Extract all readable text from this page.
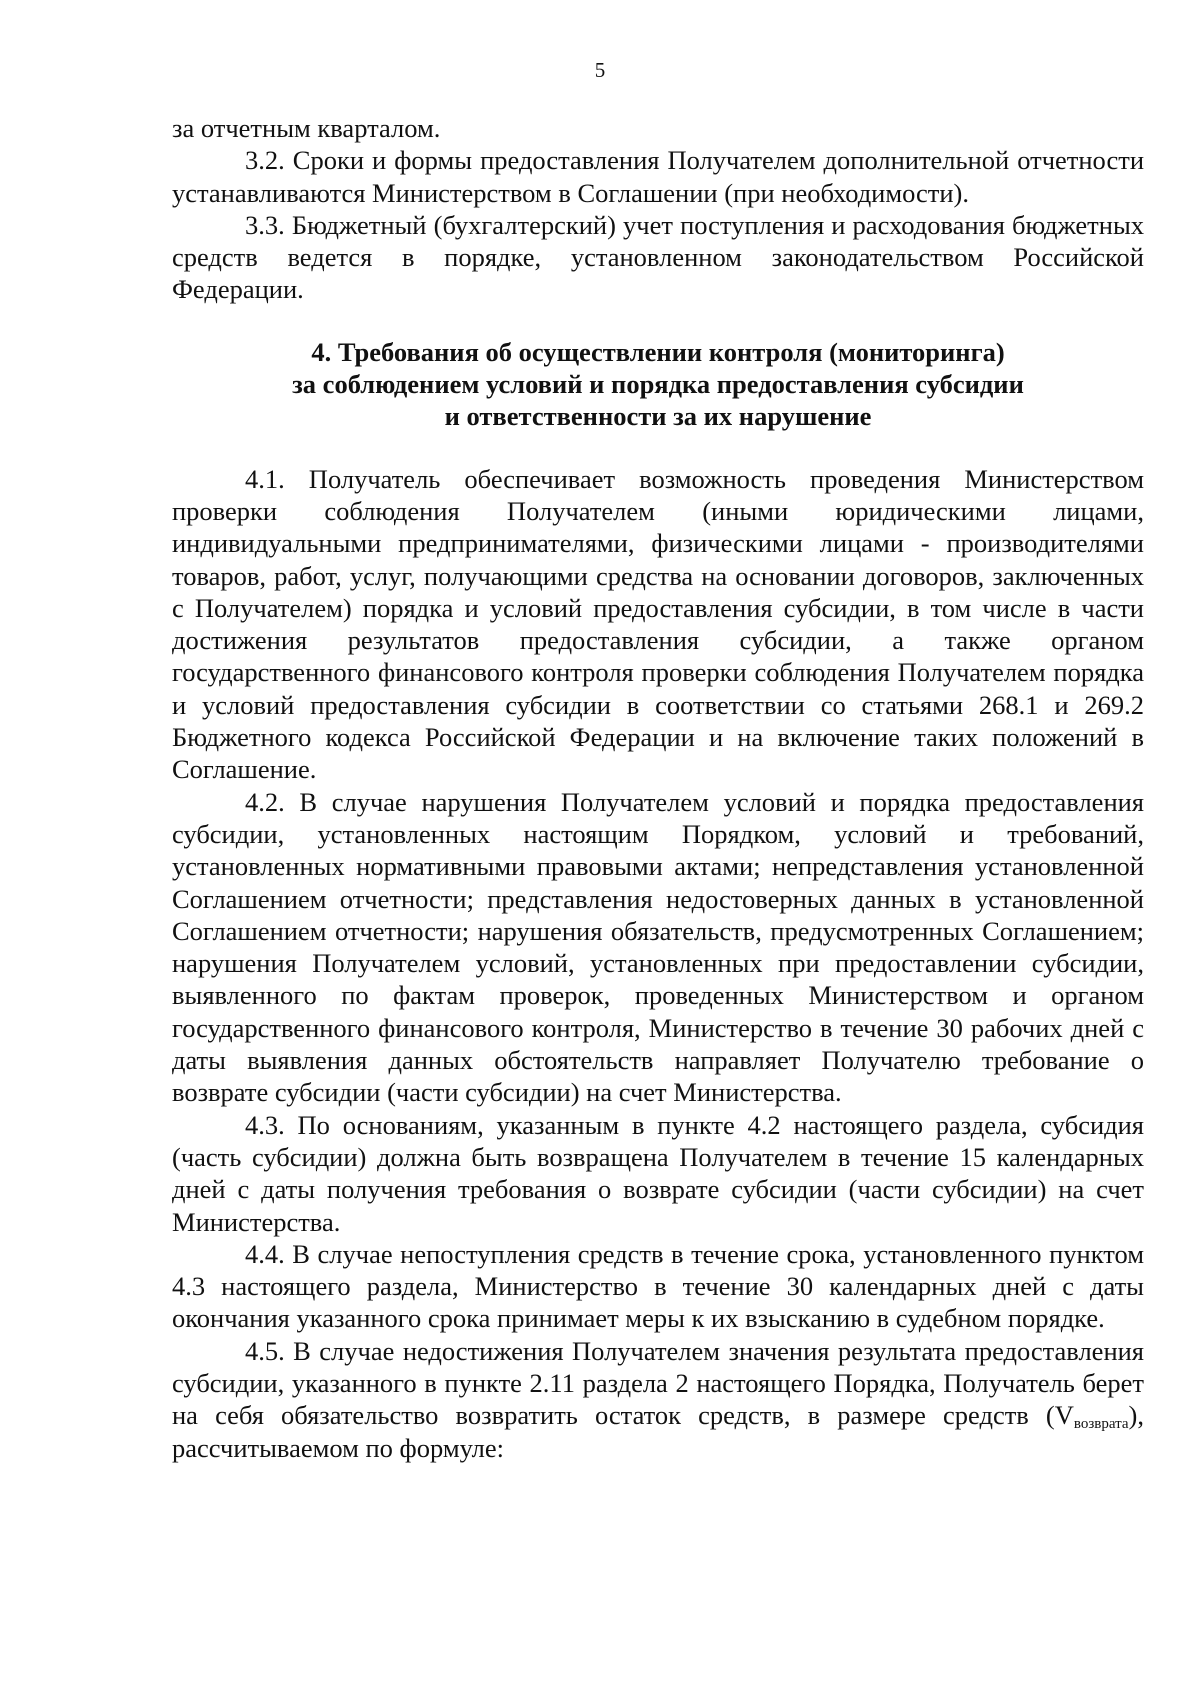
5

за отчетным кварталом.

3.2. Сроки и формы предоставления Получателем дополнительной отчетности устанавливаются Министерством в Соглашении (при необходимости).

3.3. Бюджетный (бухгалтерский) учет поступления и расходования бюджетных средств ведется в порядке, установленном законодательством Российской Федерации.

4. Требования об осуществлении контроля (мониторинга)

за соблюдением условий и порядка предоставления субсидии

и ответственности за их нарушение

4.1. Получатель обеспечивает возможность проведения Министерством проверки соблюдения Получателем (иными юридическими лицами, индивидуальными предпринимателями, физическими лицами - производителями товаров, работ, услуг, получающими средства на основании договоров, заключенных с Получателем) порядка и условий предоставления субсидии, в том числе в части достижения результатов предоставления субсидии, а также органом государственного финансового контроля проверки соблюдения Получателем порядка и условий предоставления субсидии в соответствии со статьями 268.1 и 269.2 Бюджетного кодекса Российской Федерации и на включение таких положений в Соглашение.

4.2. В случае нарушения Получателем условий и порядка предоставления субсидии, установленных настоящим Порядком, условий и требований, установленных нормативными правовыми актами; непредставления установленной Соглашением отчетности; представления недостоверных данных в установленной Соглашением отчетности; нарушения обязательств, предусмотренных Соглашением; нарушения Получателем условий, установленных при предоставлении субсидии, выявленного по фактам проверок, проведенных Министерством и органом государственного финансового контроля, Министерство в течение 30 рабочих дней с даты выявления данных обстоятельств направляет Получателю требование о возврате субсидии (части субсидии) на счет Министерства.

4.3. По основаниям, указанным в пункте 4.2 настоящего раздела, субсидия (часть субсидии) должна быть возвращена Получателем в течение 15 календарных дней с даты получения требования о возврате субсидии (части субсидии) на счет Министерства.

4.4. В случае непоступления средств в течение срока, установленного пунктом 4.3 настоящего раздела, Министерство в течение 30 календарных дней с даты окончания указанного срока принимает меры к их взысканию в судебном порядке.

4.5. В случае недостижения Получателем значения результата предоставления субсидии, указанного в пункте 2.11 раздела 2 настоящего Порядка, Получатель берет на себя обязательство возвратить остаток средств, в размере средств $(V_{возврата})$, рассчитываемом по формуле:
